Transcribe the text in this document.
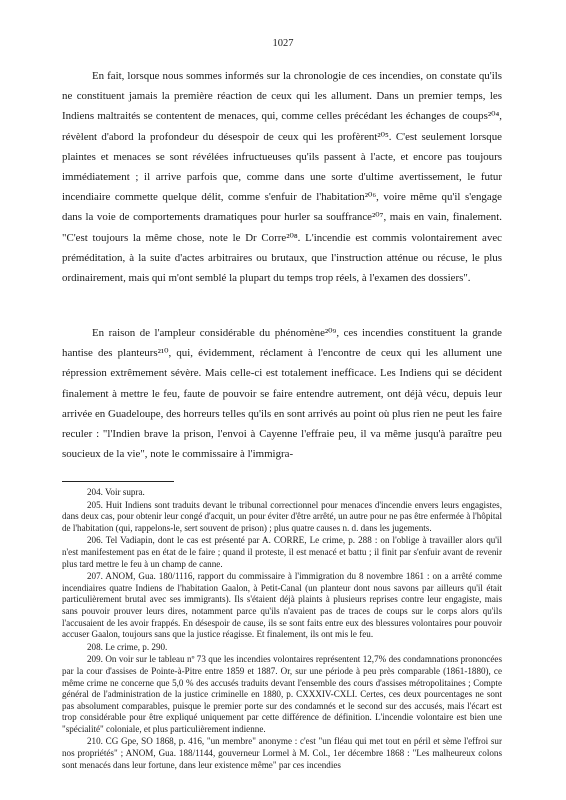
1027

En fait, lorsque nous sommes informés sur la chronologie de ces incendies, on constate qu'ils ne constituent jamais la première réaction de ceux qui les allument. Dans un premier temps, les Indiens maltraités se contentent de menaces, qui, comme celles précédant les échanges de coups²⁰⁴, révèlent d'abord la profondeur du désespoir de ceux qui les profèrent²⁰⁵. C'est seulement lorsque plaintes et menaces se sont révélées infructueuses qu'ils passent à l'acte, et encore pas toujours immédiatement ; il arrive parfois que, comme dans une sorte d'ultime avertissement, le futur incendiaire commette quelque délit, comme s'enfuir de l'habitation²⁰⁶, voire même qu'il s'engage dans la voie de comportements dramatiques pour hurler sa souffrance²⁰⁷, mais en vain, finalement. "C'est toujours la même chose, note le Dr Corre²⁰⁸. L'incendie est commis volontairement avec préméditation, à la suite d'actes arbitraires ou brutaux, que l'instruction atténue ou récuse, le plus ordinairement, mais qui m'ont semblé la plupart du temps trop réels, à l'examen des dossiers".

En raison de l'ampleur considérable du phénomène²⁰⁹, ces incendies constituent la grande hantise des planteurs²¹⁰, qui, évidemment, réclament à l'encontre de ceux qui les allument une répression extrêmement sévère. Mais celle-ci est totalement inefficace. Les Indiens qui se décident finalement à mettre le feu, faute de pouvoir se faire entendre autrement, ont déjà vécu, depuis leur arrivée en Guadeloupe, des horreurs telles qu'ils en sont arrivés au point où plus rien ne peut les faire reculer : "l'Indien brave la prison, l'envoi à Cayenne l'effraie peu, il va même jusqu'à paraître peu soucieux de la vie", note le commissaire à l'immigra-

204. Voir supra.

205. Huit Indiens sont traduits devant le tribunal correctionnel pour menaces d'incendie envers leurs engagistes, dans deux cas, pour obtenir leur congé d'acquit, un pour éviter d'être arrêté, un autre pour ne pas être enfermée à l'hôpital de l'habitation (qui, rappelons-le, sert souvent de prison) ; plus quatre causes n. d. dans les jugements.

206. Tel Vadiapin, dont le cas est présenté par A. CORRE, Le crime, p. 288 : on l'oblige à travailler alors qu'il n'est manifestement pas en état de le faire ; quand il proteste, il est menacé et battu ; il finit par s'enfuir avant de revenir plus tard mettre le feu à un champ de canne.

207. ANOM, Gua. 180/1116, rapport du commissaire à l'immigration du 8 novembre 1861 : on a arrêté comme incendiaires quatre Indiens de l'habitation Gaalon, à Petit-Canal (un planteur dont nous savons par ailleurs qu'il était particulièrement brutal avec ses immigrants). Ils s'étaient déjà plaints à plusieurs reprises contre leur engagiste, mais sans pouvoir prouver leurs dires, notamment parce qu'ils n'avaient pas de traces de coups sur le corps alors qu'ils l'accusaient de les avoir frappés. En désespoir de cause, ils se sont faits entre eux des blessures volontaires pour pouvoir accuser Gaalon, toujours sans que la justice réagisse. Et finalement, ils ont mis le feu.

208. Le crime, p. 290.

209. On voir sur le tableau nº 73 que les incendies volontaires représentent 12,7% des condamnations prononcées par la cour d'assises de Pointe-à-Pitre entre 1859 et 1887. Or, sur une période à peu près comparable (1861-1880), ce même crime ne concerne que 5,0 % des accusés traduits devant l'ensemble des cours d'assises métropolitaines ; Compte général de l'administration de la justice criminelle en 1880, p. CXXXIV-CXLI. Certes, ces deux pourcentages ne sont pas absolument comparables, puisque le premier porte sur des condamnés et le second sur des accusés, mais l'écart est trop considérable pour être expliqué uniquement par cette différence de définition. L'incendie volontaire est bien une "spécialité" coloniale, et plus particulièrement indienne.

210. CG Gpe, SO 1868, p. 416, "un membre" anonyme : c'est "un fléau qui met tout en péril et sème l'effroi sur nos propriétés" ; ANOM, Gua. 188/1144, gouverneur Lormel à M. Col., 1er décembre 1868 : "Les malheureux colons sont menacés dans leur fortune, dans leur existence même" par ces incendies
